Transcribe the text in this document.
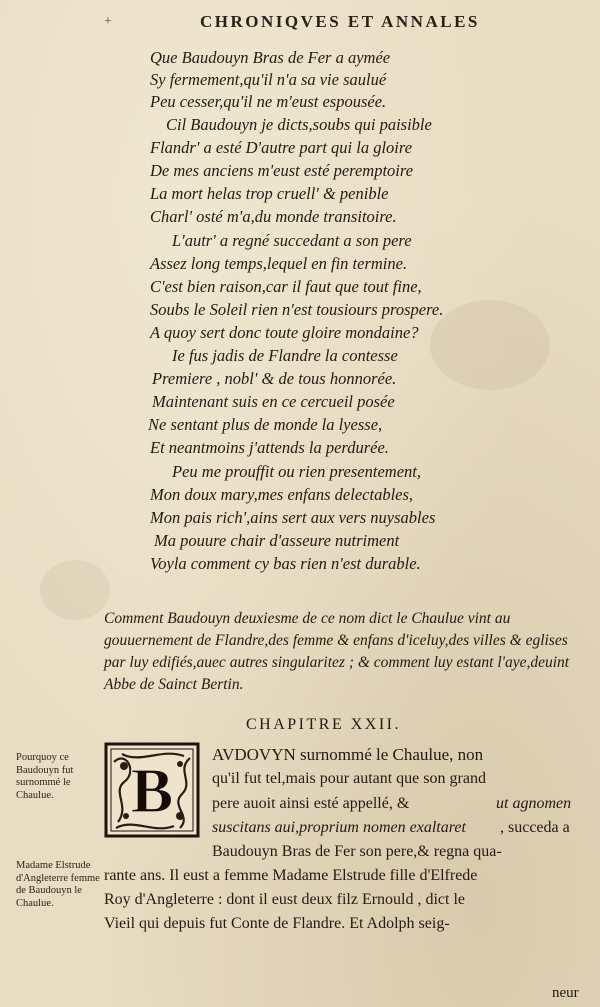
+	CHRONIQVES ET ANNALES
Que Baudouyn Bras de Fer a aymée
Sy fermement,qu'il n'a sa vie saulué
Peu cesser,qu'il ne m'eust espousée.
Cil Baudouyn je dicts,soubs qui paisible
Flandr' a esté D'autre part qui la gloire
De mes anciens m'eust esté peremptoire
La mort helas trop cruell' & penible
Charl' osté m'a,du monde transitoire.
L'autr' a regné succedant a son pere
Assez long temps,lequel en fin termine.
C'est bien raison,car il faut que tout fine,
Soubs le Soleil rien n'est tousiours prospere.
A quoy sert donc toute gloire mondaine?
Ie fus jadis de Flandre la contesse
Premiere , nobl' & de tous honnorée.
Maintenant suis en ce cercueil posée
Ne sentant plus de monde la lyesse,
Et neantmoins j'attends la perdurée.
Peu me prouffit ou rien presentement,
Mon doux mary,mes enfans delectables,
Mon pais rich',ains sert aux vers nuysables
Ma pouure chair d'asseure nutriment
Voyla comment cy bas rien n'est durable.

Comment Baudouyn deuxiesme de ce nom dict le Chaulue vint au gouuernement de Flandre,des femme & enfans d'iceluy,des villes & eglises par luy edifiés,auec autres singularitez ; & comment luy estant l'aye,deuint Abbe de Sainct Bertin.

CHAPITRE XXII.
Pourquoy ce Baudouyn fut surnommé le Chaulue.
Madame Elstrude d'Angleterre femme de Baudouyn le Chaulue.
B
AVDOVYN surnommé le Chaulue, non
qu'il fut tel,mais pour autant que son grand
pere auoit ainsi esté appellé, &	ut agnomen
suscitans aui,proprium nomen exaltaret , succeda a
Baudouyn Bras de Fer son pere,& regna qua-
rante ans. Il eust a femme Madame Elstrude fille d'Elfrede
Roy d'Angleterre : dont il eust deux filz Ernould , dict le
Vieil qui depuis fut Conte de Flandre. Et Adolph seig-
neur
